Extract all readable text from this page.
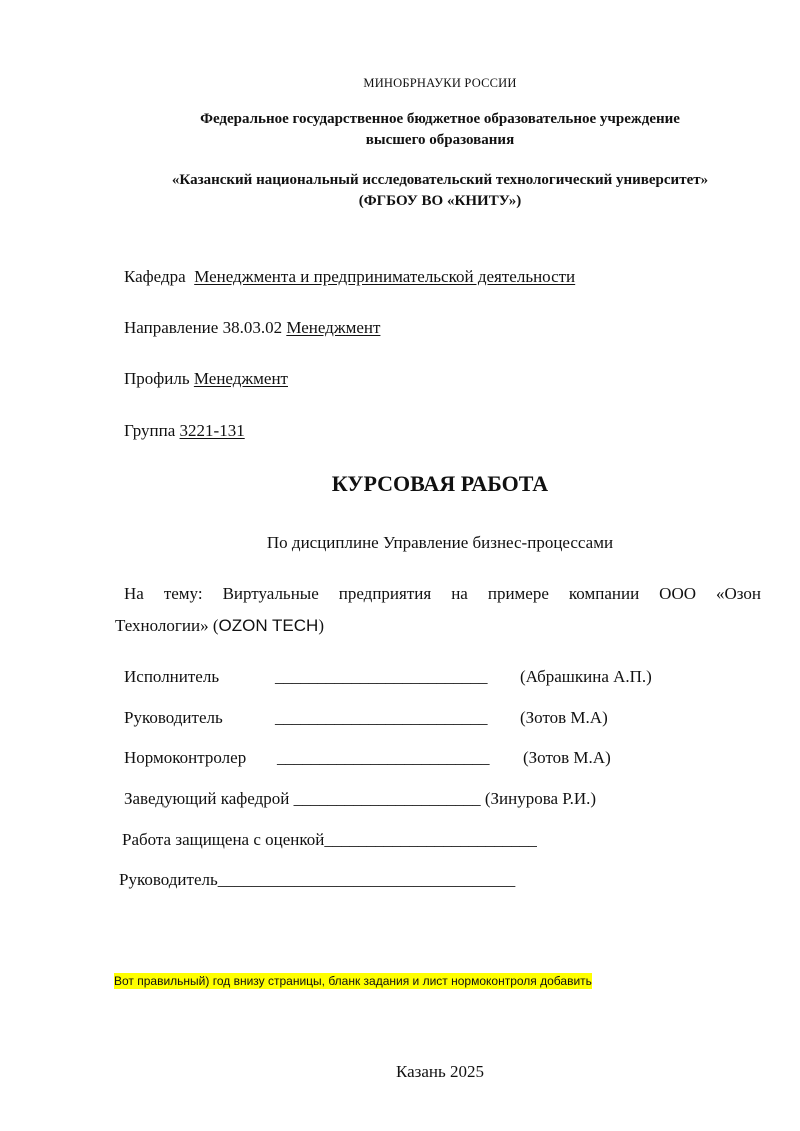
МИНОБРНАУКИ РОССИИ
Федеральное государственное бюджетное образовательное учреждение
высшего образования
«Казанский национальный исследовательский технологический университет»
(ФГБОУ ВО «КНИТУ»)
Кафедра Менеджмента и предпринимательской деятельности
Направление 38.03.02 Менеджмент
Профиль Менеджмент
Группа 3221-131
КУРСОВАЯ РАБОТА
По дисциплине Управление бизнес-процессами
На тему: Виртуальные предприятия на примере компании ООО «Озон
Технологии» (OZON TECH)
Исполнитель	_________________________ (Абрашкина А.П.)
Руководитель	_________________________ (Зотов М.А)
Нормоконтролер _________________________ (Зотов М.А)
Заведующий кафедрой ______________________ (Зинурова Р.И.)
Работа защищена с оценкой_________________________
Руководитель___________________________________
Вот правильный) год внизу страницы, бланк задания и лист нормоконтроля добавить
Казань 2025
